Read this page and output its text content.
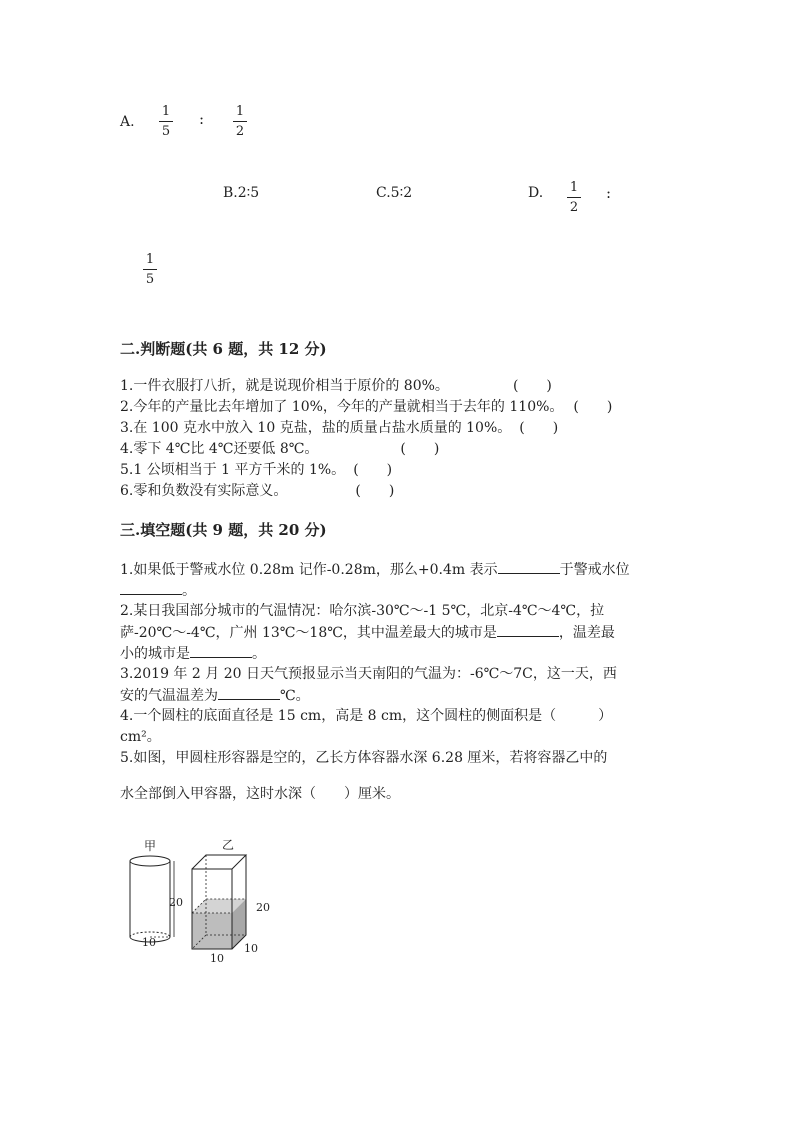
A.
1
5
: 1
2
B.2∶5	C.5∶2	D. 1
2
:
1
5
二.判断题(共 6 题，共 12 分)
1.一件衣服打八折，就是说现价相当于原价的 80%。	(　　)
2.今年的产量比去年增加了 10%，今年的产量就相当于去年的 110%。 (　　)
3.在 100 克水中放入 10 克盐，盐的质量占盐水质量的 10%。 (　　)
4.零下 4℃比 4℃还要低 8℃。	(　　)
5.1 公顷相当于 1 平方千米的 1%。 (　　)
6.零和负数没有实际意义。	(　　)
三.填空题(共 9 题，共 20 分)
1.如果低于警戒水位 0.28m 记作-0.28m，那么+0.4m 表示	于警戒水位
。
2.某日我国部分城市的气温情况：哈尔滨-30℃～-1 5℃，北京-4℃～4℃，拉
萨-20℃～-4℃，广州 13℃～18℃，其中温差最大的城市是	，温差最
小的城市是	。
3.2019 年 2 月 20 日天气预报显示当天南阳的气温为：-6℃～7C，这一天，西
安的气温温差为	℃。
4.一个圆柱的底面直径是 15 cm，高是 8 cm，这个圆柱的侧面积是（　　　）
cm²。
5.如图，甲圆柱形容器是空的，乙长方体容器水深 6.28 厘米，若将容器乙中的
水全部倒入甲容器，这时水深（　　）厘米。
甲
20
10
乙
20
10
10
